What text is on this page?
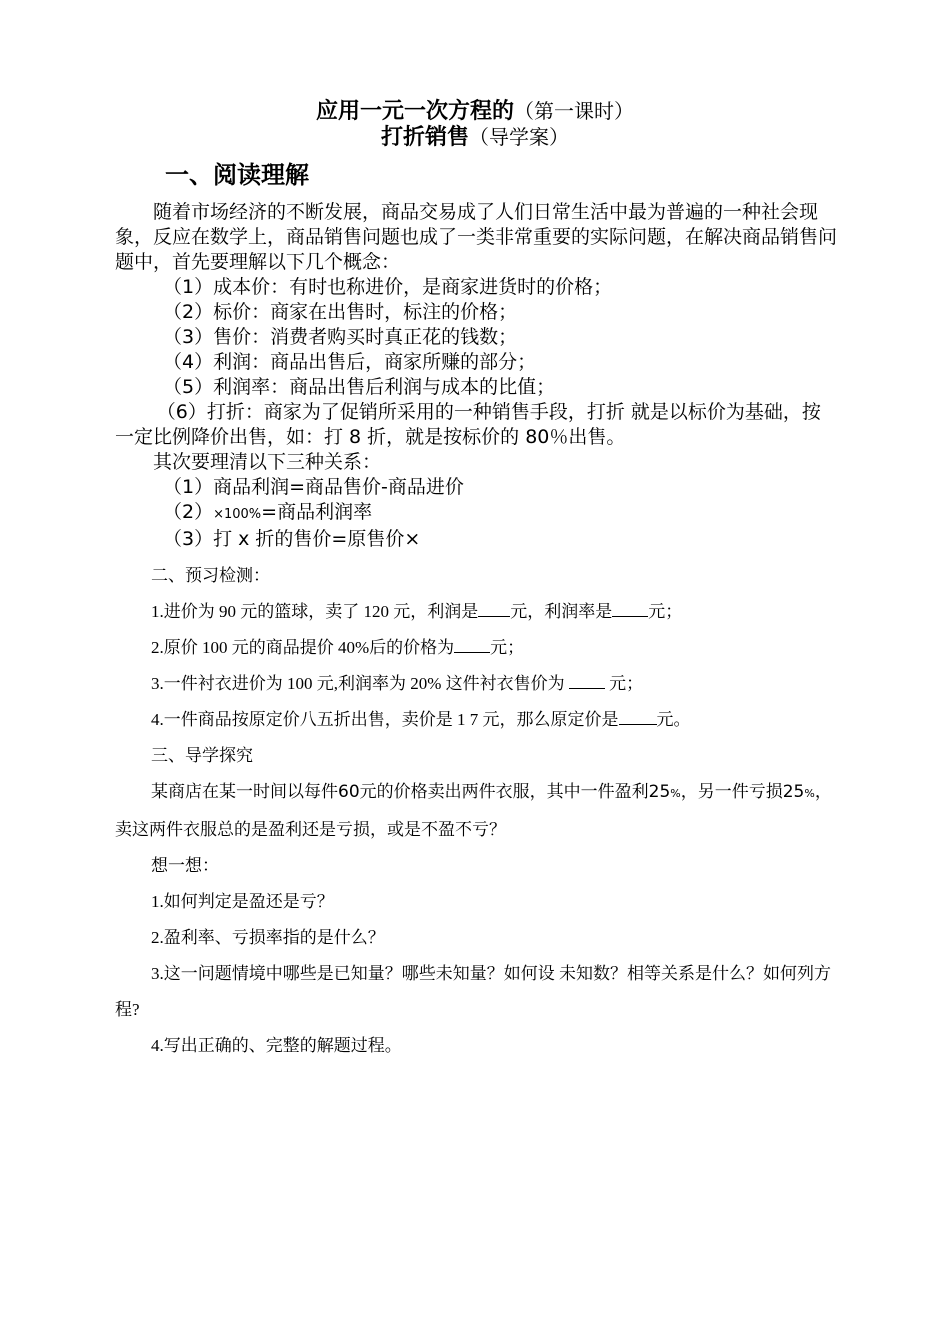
应用一元一次方程的（第一课时）
打折销售（导学案）
一、阅读理解

随着市场经济的不断发展，商品交易成了人们日常生活中最为普遍的一种社会现象，反应在数学上，商品销售问题也成了一类非常重要的实际问题，在解决商品销售问题中，首先要理解以下几个概念：

（1）成本价：有时也称进价，是商家进货时的价格；

（2）标价：商家在出售时，标注的价格；

（3）售价：消费者购买时真正花的钱数；

（4）利润：商品出售后，商家所赚的部分；

（5）利润率：商品出售后利润与成本的比值；

（6）打折：商家为了促销所采用的一种销售手段，打折 就是以标价为基础，按一定比例降价出售，如：打 8 折，就是按标价的 80％出售。

其次要理清以下三种关系：

（1）商品利润=商品售价-商品进价

（2）×100%=商品利润率

（3）打 x 折的售价=原售价×

二、预习检测：

1.进价为 90 元的篮球，卖了 120 元，利润是 元，利润率是 元；

2.原价 100 元的商品提价 40%后的价格为 元；

3.一件衬衣进价为 100 元,利润率为 20% 这件衬衣售价为  元；

4.一件商品按原定价八五折出售，卖价是 1 7 元，那么原定价是 元。

三、导学探究

某商店在某一时间以每件60元的价格卖出两件衣服，其中一件盈利25%，另一件亏损25%，卖这两件衣服总的是盈利还是亏损，或是不盈不亏？

想一想：

1.如何判定是盈还是亏？

2.盈利率、亏损率指的是什么？

3.这一问题情境中哪些是已知量？哪些未知量？如何设 未知数？相等关系是什么？如何列方程?

4.写出正确的、完整的解题过程。
